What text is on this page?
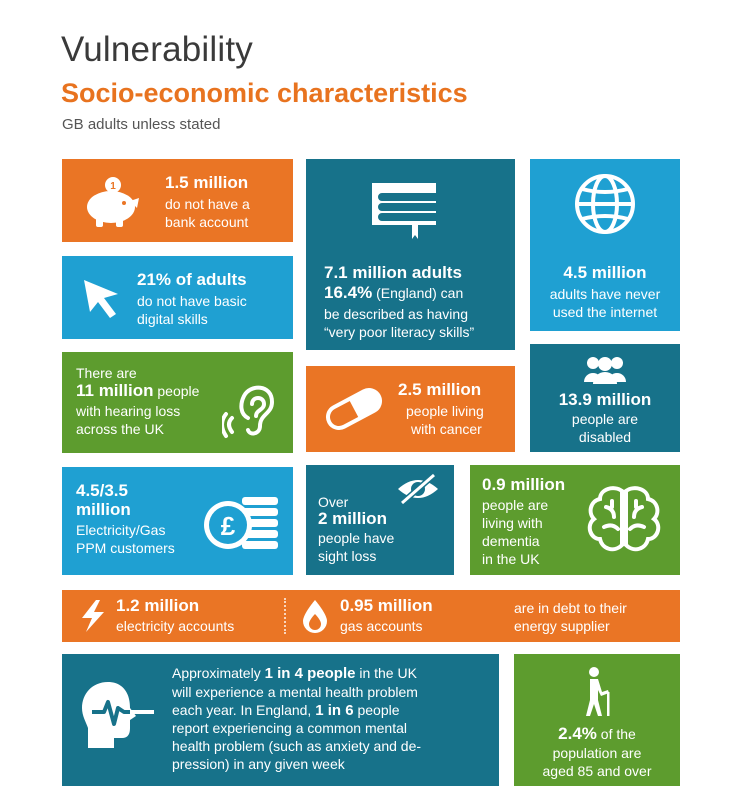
Vulnerability
Socio-economic characteristics
GB adults unless stated
1	1.5 million
do not have a
bank account
21% of adults
do not have basic
digital skills
7.1 million adults
16.4% (England) can
be described as having
“very poor literacy skills”
4.5 million
adults have never
used the internet
There are
11 million people
with hearing loss
across the UK
2.5 million
people living
with cancer
13.9 million
people are
disabled
4.5/3.5
million
Electricity/Gas
PPM customers
£
Over
2 million
people have
sight loss
0.9 million
people are
living with
dementia
in the UK
1.2 million
electricity accounts
0.95 million
gas accounts
are in debt to their
energy supplier
Approximately 1 in 4 people in the UK
will experience a mental health problem
each year. In England, 1 in 6 people
report experiencing a common mental
health problem (such as anxiety and de-
pression) in any given week
2.4% of the
population are
aged 85 and over
